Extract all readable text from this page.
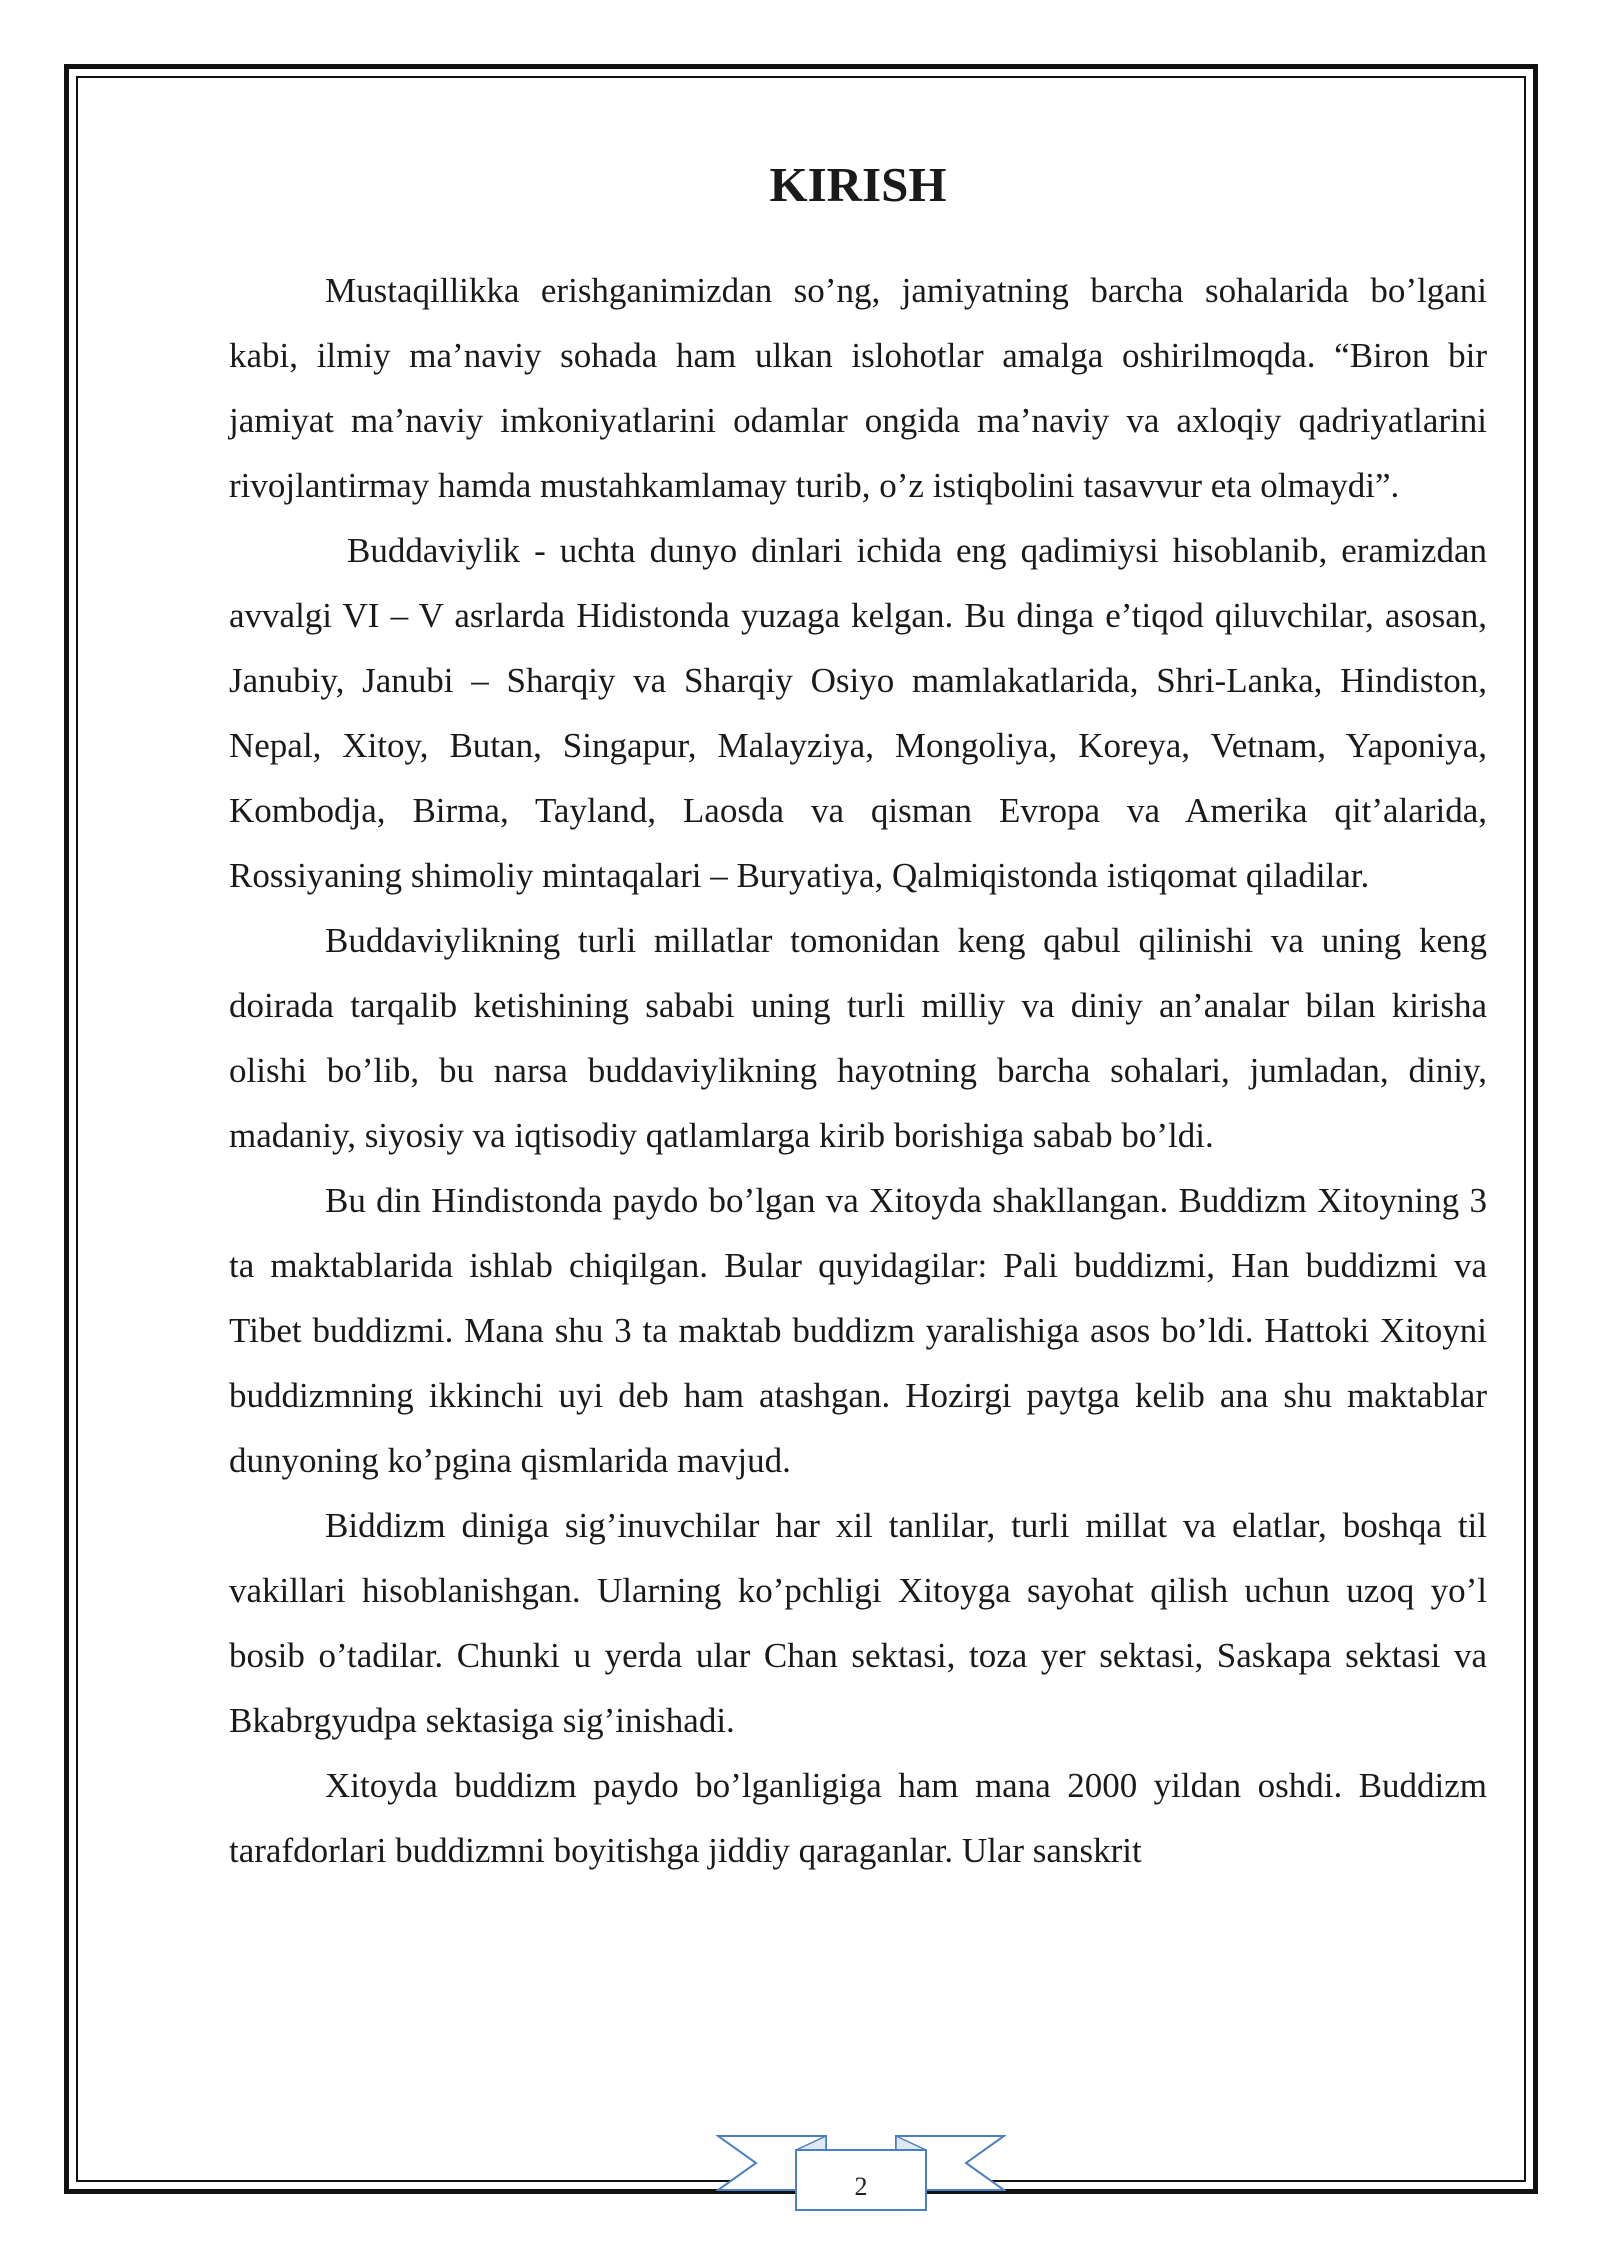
KIRISH

Mustaqillikka erishganimizdan so’ng, jamiyatning barcha sohalarida bo’lgani kabi, ilmiy ma’naviy sohada ham ulkan islohotlar amalga oshirilmoqda. “Biron bir jamiyat ma’naviy imkoniyatlarini odamlar ongida ma’naviy va axloqiy qadriyatlarini rivojlantirmay hamda mustahkamlamay turib, o’z istiqbolini tasavvur eta olmaydi”.

Buddaviylik - uchta dunyo dinlari ichida eng qadimiysi hisoblanib, eramizdan avvalgi VI – V asrlarda Hidistonda yuzaga kelgan. Bu dinga e’tiqod qiluvchilar, asosan, Janubiy, Janubi – Sharqiy va Sharqiy Osiyo mamlakatlarida, Shri-Lanka, Hindiston, Nepal, Xitoy, Butan, Singapur, Malayziya, Mongoliya, Koreya, Vetnam, Yaponiya, Kombodja, Birma, Tayland, Laosda va qisman Evropa va Amerika qit’alarida, Rossiyaning shimoliy mintaqalari – Buryatiya, Qalmiqistonda istiqomat qiladilar.

Buddaviylikning turli millatlar tomonidan keng qabul qilinishi va uning keng doirada tarqalib ketishining sababi uning turli milliy va diniy an’analar bilan kirisha olishi bo’lib, bu narsa buddaviylikning hayotning barcha sohalari, jumladan, diniy, madaniy, siyosiy va iqtisodiy qatlamlarga kirib borishiga sabab bo’ldi.

Bu din Hindistonda paydo bo’lgan va Xitoyda shakllangan. Buddizm Xitoyning 3 ta maktablarida ishlab chiqilgan. Bular quyidagilar: Pali buddizmi, Han buddizmi va Tibet buddizmi. Mana shu 3 ta maktab buddizm yaralishiga asos bo’ldi. Hattoki Xitoyni buddizmning ikkinchi uyi deb ham atashgan. Hozirgi paytga kelib ana shu maktablar dunyoning ko’pgina qismlarida mavjud.

Biddizm diniga sig’inuvchilar har xil tanlilar, turli millat va elatlar, boshqa til vakillari hisoblanishgan. Ularning ko’pchligi Xitoyga sayohat qilish uchun uzoq yo’l bosib o’tadilar. Chunki u yerda ular Chan sektasi, toza yer sektasi, Saskapa sektasi va Bkabrgyudpa sektasiga sig’inishadi.

Xitoyda buddizm paydo bo’lganligiga ham mana 2000 yildan oshdi. Buddizm tarafdorlari buddizmni boyitishga jiddiy qaraganlar. Ular sanskrit

2
